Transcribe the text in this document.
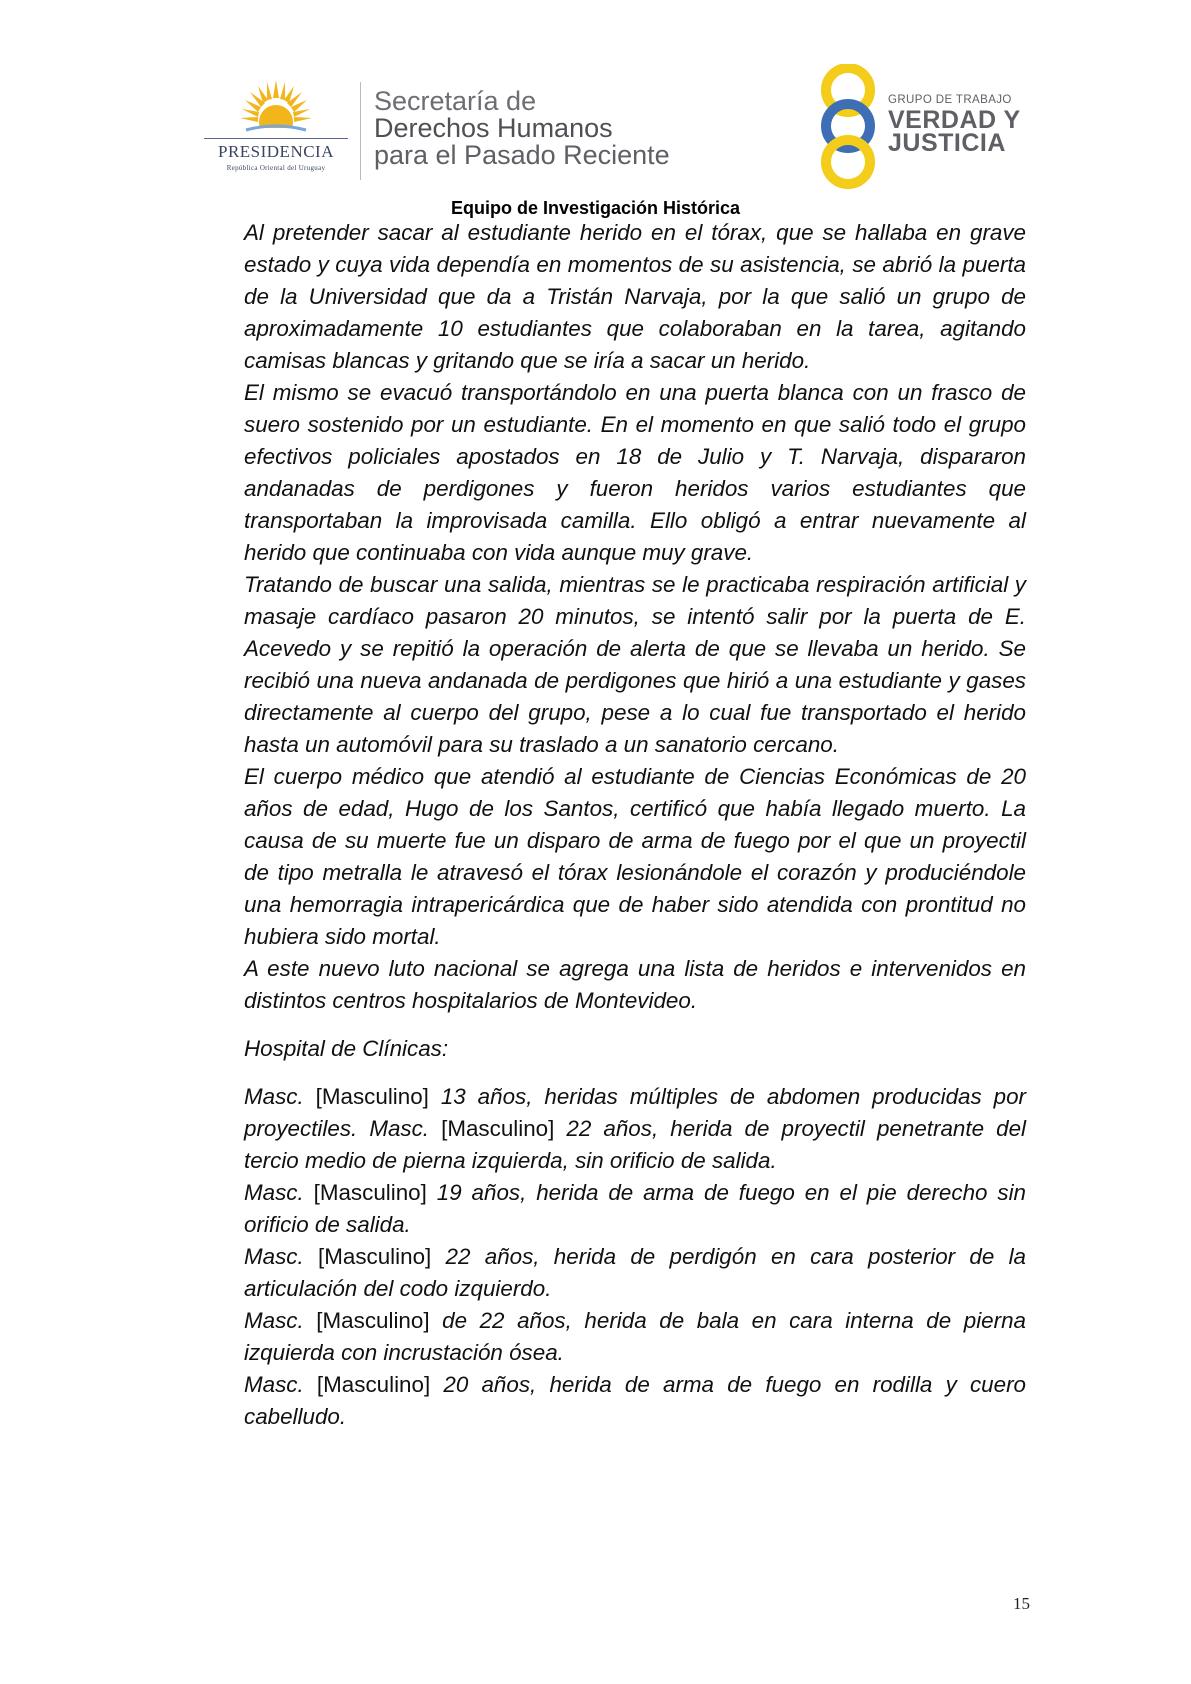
PRESIDENCIA
República Oriental del Uruguay
Secretaría de
Derechos Humanos
para el Pasado Reciente
GRUPO DE TRABAJO
VERDAD Y
JUSTICIA
Equipo de Investigación Histórica

Al pretender sacar al estudiante herido en el tórax, que se hallaba en grave estado y cuya vida dependía en momentos de su asistencia, se abrió la puerta de la Universidad que da a Tristán Narvaja, por la que salió un grupo de aproximadamente 10 estudiantes que colaboraban en la tarea, agitando camisas blancas y gritando que se iría a sacar un herido.

El mismo se evacuó transportándolo en una puerta blanca con un frasco de suero sostenido por un estudiante. En el momento en que salió todo el grupo efectivos policiales apostados en 18 de Julio y T. Narvaja, dispararon andanadas de perdigones y fueron heridos varios estudiantes que transportaban la improvisada camilla. Ello obligó a entrar nuevamente al herido que continuaba con vida aunque muy grave.

Tratando de buscar una salida, mientras se le practicaba respiración artificial y masaje cardíaco pasaron 20 minutos, se intentó salir por la puerta de E. Acevedo y se repitió la operación de alerta de que se llevaba un herido. Se recibió una nueva andanada de perdigones que hirió a una estudiante y gases directamente al cuerpo del grupo, pese a lo cual fue transportado el herido hasta un automóvil para su traslado a un sanatorio cercano.

El cuerpo médico que atendió al estudiante de Ciencias Económicas de 20 años de edad, Hugo de los Santos, certificó que había llegado muerto. La causa de su muerte fue un disparo de arma de fuego por el que un proyectil de tipo metralla le atravesó el tórax lesionándole el corazón y produciéndole una hemorragia intrapericárdica que de haber sido atendida con prontitud no hubiera sido mortal.

A este nuevo luto nacional se agrega una lista de heridos e intervenidos en distintos centros hospitalarios de Montevideo.

Hospital de Clínicas:

Masc. [Masculino] 13 años, heridas múltiples de abdomen producidas por proyectiles. Masc. [Masculino] 22 años, herida de proyectil penetrante del tercio medio de pierna izquierda, sin orificio de salida.

Masc. [Masculino] 19 años, herida de arma de fuego en el pie derecho sin orificio de salida.

Masc. [Masculino] 22 años, herida de perdigón en cara posterior de la articulación del codo izquierdo.

Masc. [Masculino] de 22 años, herida de bala en cara interna de pierna izquierda con incrustación ósea.

Masc. [Masculino] 20 años, herida de arma de fuego en rodilla y cuero cabelludo.

15
